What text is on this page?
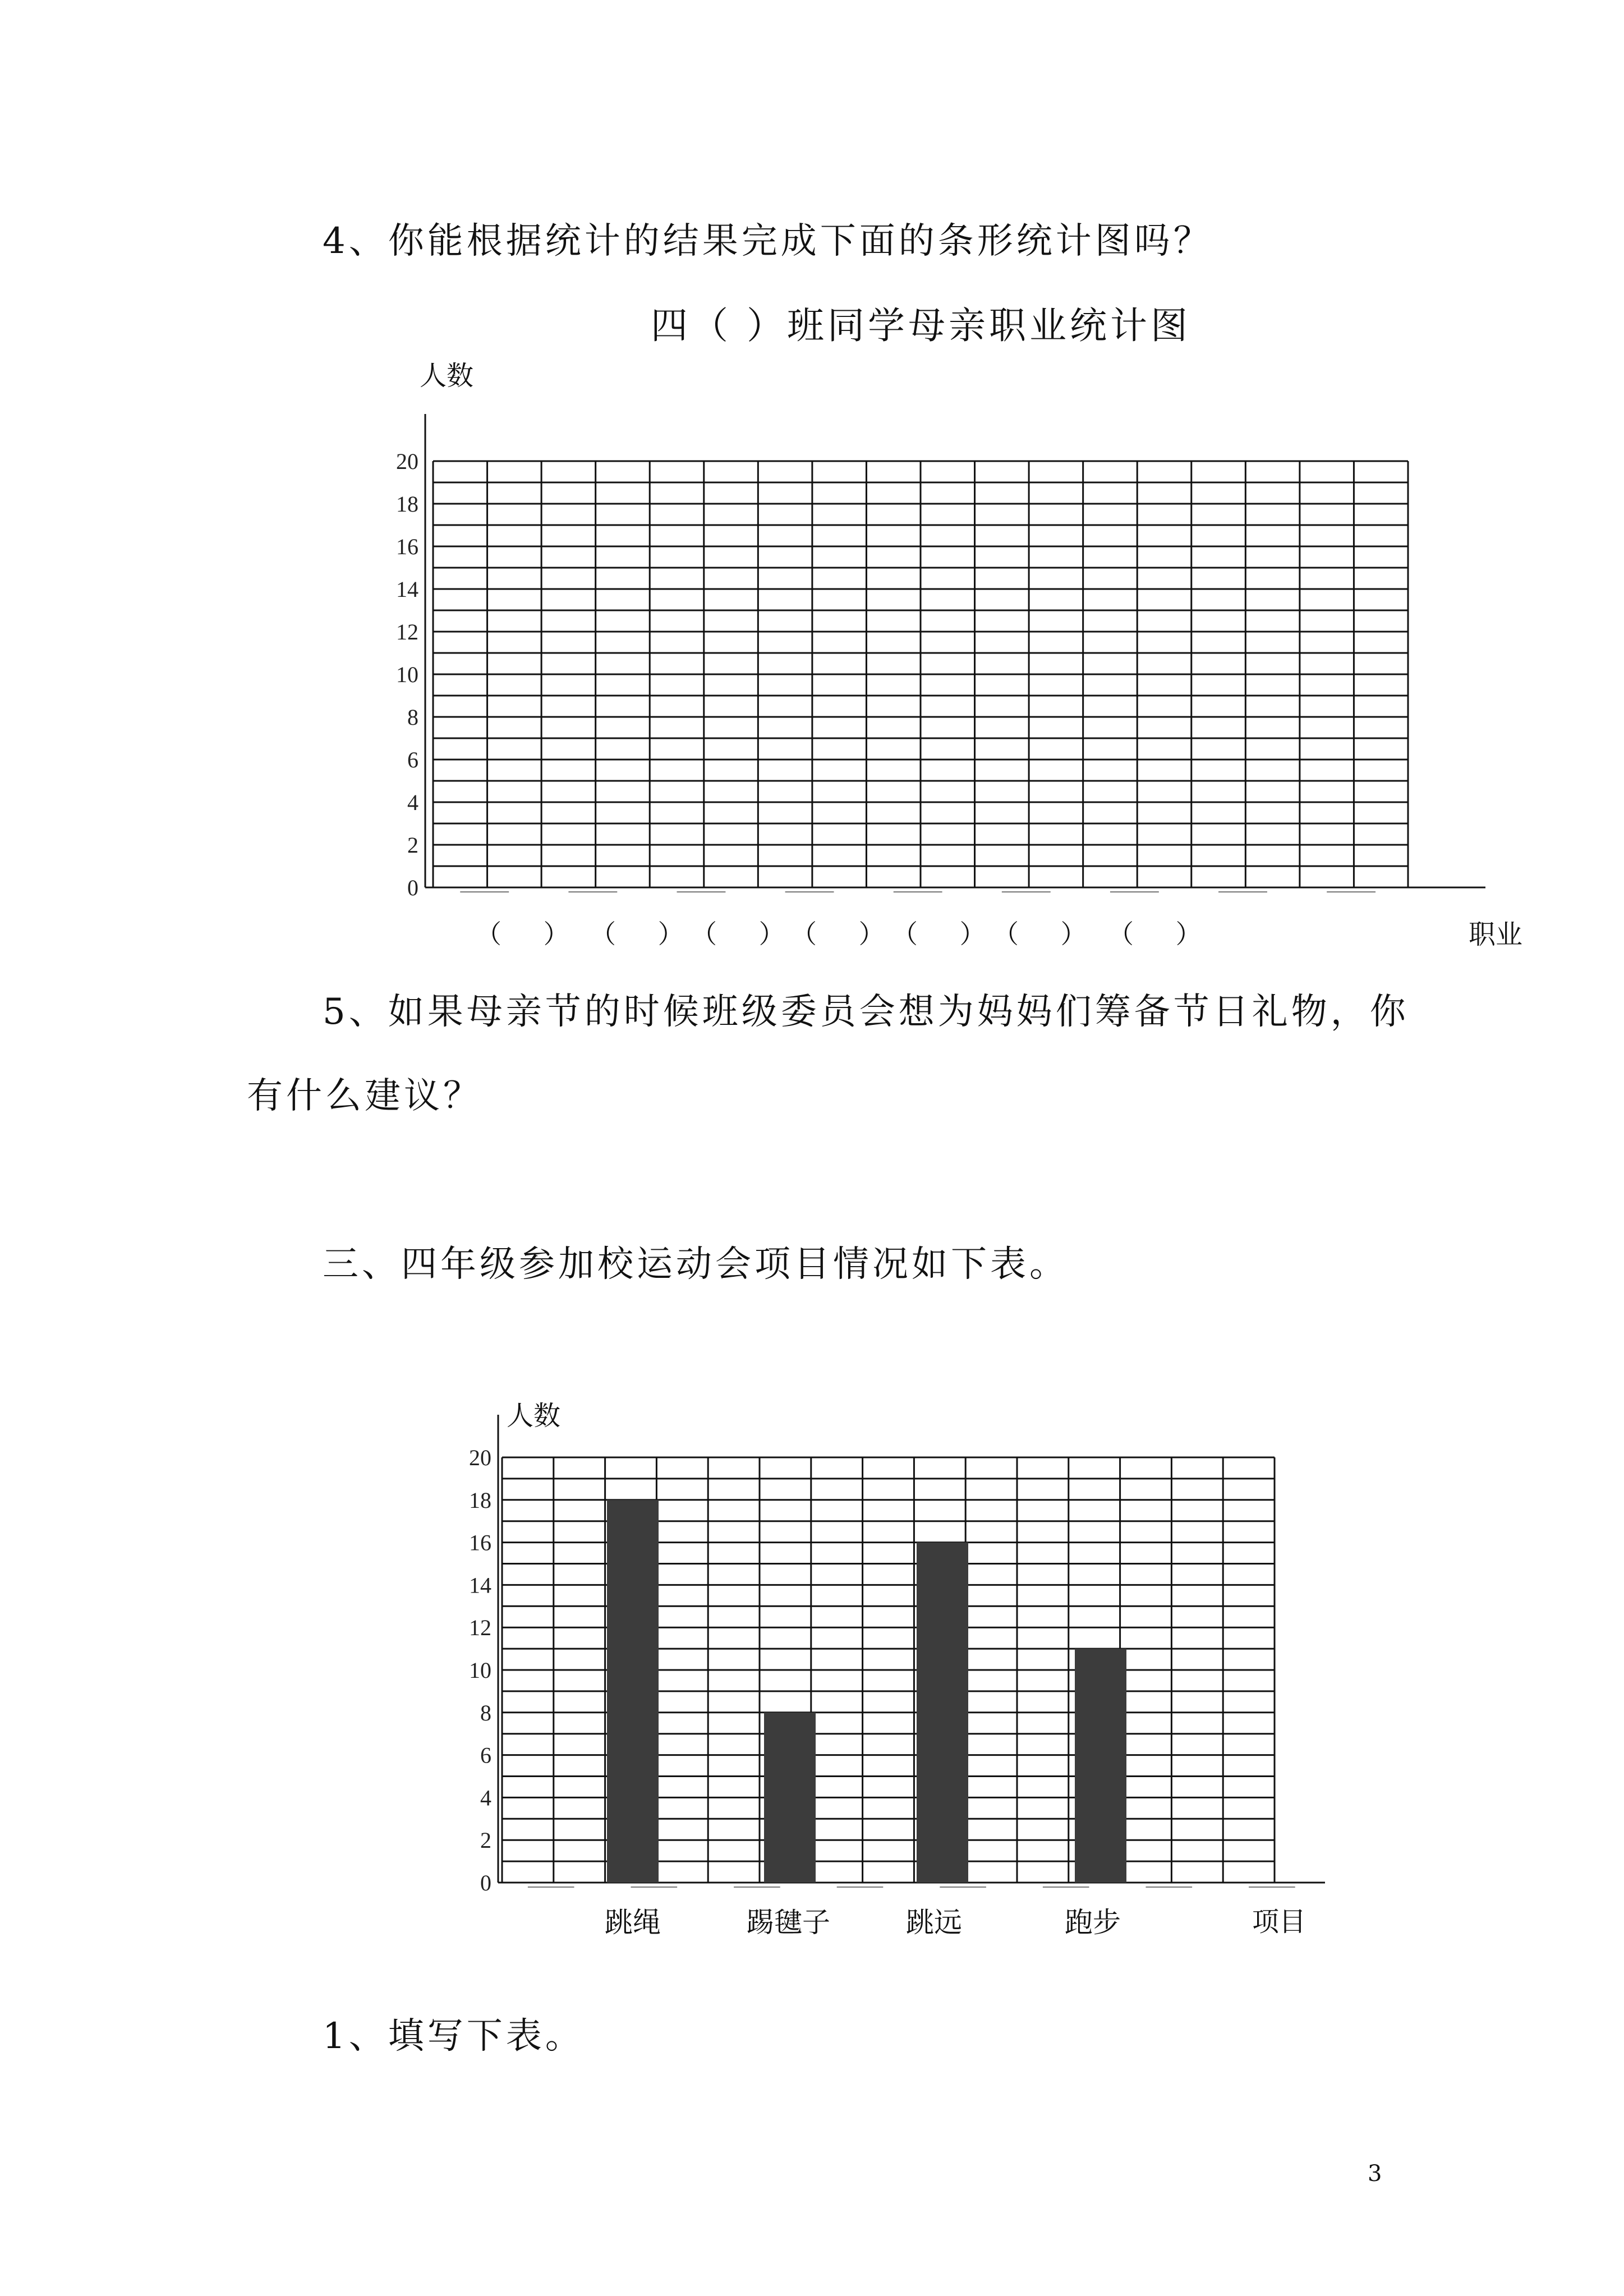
4、你能根据统计的结果完成下面的条形统计图吗？
四（ ）班同学母亲职业统计图
人数
职业
（ ） （ ）
（ ）
（ ）
（ ）
（ ） （ ）
5、如果母亲节的时候班级委员会想为妈妈们筹备节日礼物，你
有什么建议？
三、四年级参加校运动会项目情况如下表。
人数
项目
跳绳	踢毽子	跳远	跑步
1、填写下表。
3
0
2
4
6
8
10
12
14
16
18
20
0
2
4
6
8
10
12
14
16
18
20
